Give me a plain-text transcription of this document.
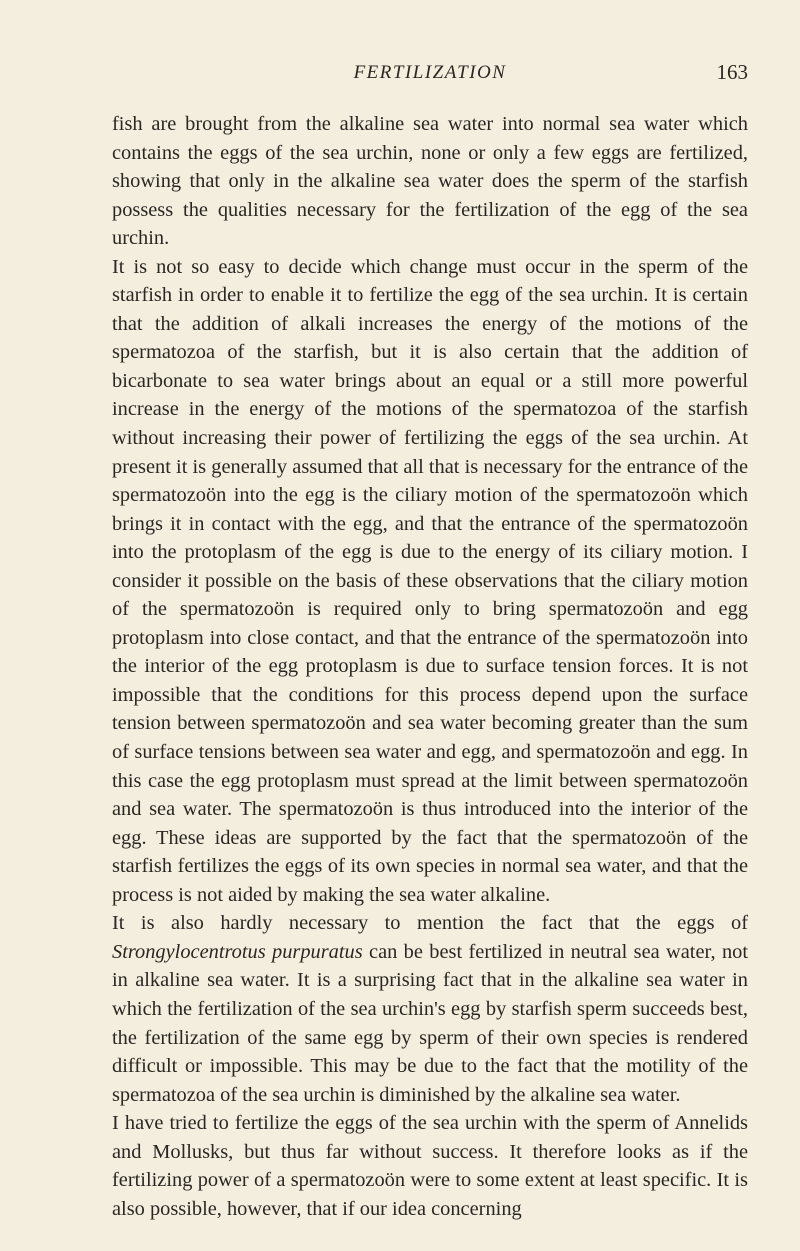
FERTILIZATION	163

fish are brought from the alkaline sea water into normal sea water which contains the eggs of the sea urchin, none or only a few eggs are fertilized, showing that only in the alkaline sea water does the sperm of the starfish possess the qualities necessary for the fertilization of the egg of the sea urchin.

It is not so easy to decide which change must occur in the sperm of the starfish in order to enable it to fertilize the egg of the sea urchin. It is certain that the addition of alkali increases the energy of the motions of the spermatozoa of the starfish, but it is also certain that the addition of bicarbonate to sea water brings about an equal or a still more powerful increase in the energy of the motions of the spermatozoa of the starfish without increasing their power of fertilizing the eggs of the sea urchin. At present it is generally assumed that all that is necessary for the entrance of the spermatozoön into the egg is the ciliary motion of the spermatozoön which brings it in contact with the egg, and that the entrance of the spermatozoön into the protoplasm of the egg is due to the energy of its ciliary motion. I consider it possible on the basis of these observations that the ciliary motion of the spermatozoön is required only to bring spermatozoön and egg protoplasm into close contact, and that the entrance of the spermatozoön into the interior of the egg protoplasm is due to surface tension forces. It is not impossible that the conditions for this process depend upon the surface tension between spermatozoön and sea water becoming greater than the sum of surface tensions between sea water and egg, and spermatozoön and egg. In this case the egg protoplasm must spread at the limit between spermatozoön and sea water. The spermatozoön is thus introduced into the interior of the egg. These ideas are supported by the fact that the spermatozoön of the starfish fertilizes the eggs of its own species in normal sea water, and that the process is not aided by making the sea water alkaline.

It is also hardly necessary to mention the fact that the eggs of Strongylocentrotus purpuratus can be best fertilized in neutral sea water, not in alkaline sea water. It is a surprising fact that in the alkaline sea water in which the fertilization of the sea urchin's egg by starfish sperm succeeds best, the fertilization of the same egg by sperm of their own species is rendered difficult or impossible. This may be due to the fact that the motility of the spermatozoa of the sea urchin is diminished by the alkaline sea water.

I have tried to fertilize the eggs of the sea urchin with the sperm of Annelids and Mollusks, but thus far without success. It therefore looks as if the fertilizing power of a spermatozoön were to some extent at least specific. It is also possible, however, that if our idea concerning
